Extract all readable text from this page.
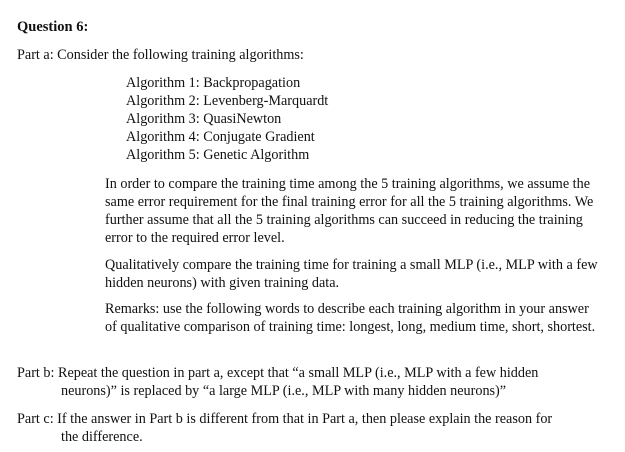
Question 6:
Part a: Consider the following training algorithms:
Algorithm 1: Backpropagation
Algorithm 2: Levenberg-Marquardt
Algorithm 3: QuasiNewton
Algorithm 4: Conjugate Gradient
Algorithm 5: Genetic Algorithm

In order to compare the training time among the 5 training algorithms, we assume the same error requirement for the final training error for all the 5 training algorithms. We further assume that all the 5 training algorithms can succeed in reducing the training error to the required error level.

Qualitatively compare the training time for training a small MLP (i.e., MLP with a few hidden neurons) with given training data.

Remarks: use the following words to describe each training algorithm in your answer of qualitative comparison of training time: longest, long, medium time, short, shortest.

Part b: Repeat the question in part a, except that “a small MLP (i.e., MLP with a few hidden
neurons)” is replaced by “a large MLP (i.e., MLP with many hidden neurons)”
Part c: If the answer in Part b is different from that in Part a, then please explain the reason for
the difference.
